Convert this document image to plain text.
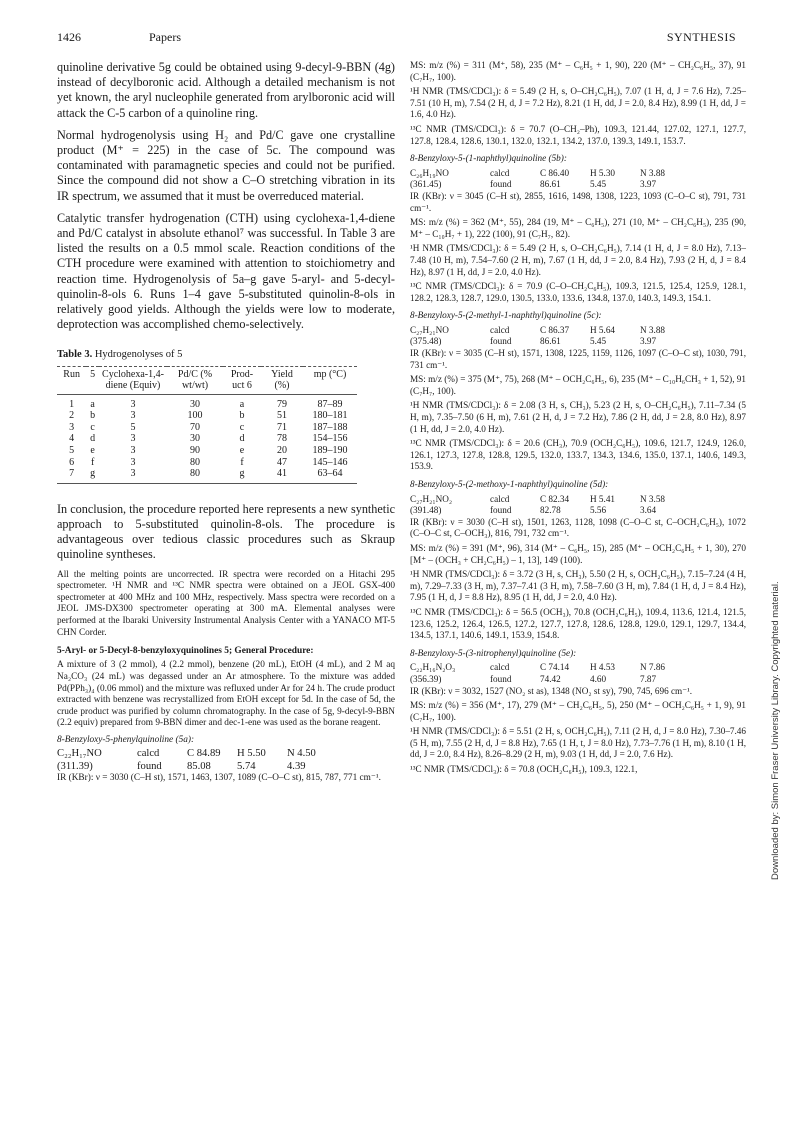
1426	Papers	SYNTHESIS

quinoline derivative 5g could be obtained using 9-decyl-9-BBN (4g) instead of decylboronic acid. Although a detailed mechanism is not yet known, the aryl nucleophile generated from arylboronic acid will attack the C-5 carbon of a quinoline ring.

Normal hydrogenolysis using H₂ and Pd/C gave one crystalline product (M⁺ = 225) in the case of 5c. The compound was contaminated with paramagnetic species and could not be purified. Since the compound did not show a C–O stretching vibration in its IR spectrum, we assumed that it must be overreduced material.

Catalytic transfer hydrogenation (CTH) using cyclohexa-1,4-diene and Pd/C catalyst in absolute ethanol⁷ was successful. In Table 3 are listed the results on a 0.5 mmol scale. Reaction conditions of the CTH procedure were examined with attention to stoichiometry and reaction time. Hydrogenolysis of 5a–g gave 5-aryl- and 5-decyl-quinolin-8-ols 6. Runs 1–4 gave 5-substituted quinolin-8-ols in relatively good yields. Although the yields were low to moderate, deprotection was accomplished chemo-selectively.

Table 3. Hydrogenolyses of 5
Run	5	Cyclohexa-1,4-diene (Equiv)	Pd/C (% wt/wt)	Prod-uct 6	Yield (%)	mp (°C)
1	a	3	30	a	79	87–89
2	b	3	100	b	51	180–181
3	c	5	70	c	71	187–188
4	d	3	30	d	78	154–156
5	e	3	90	e	20	189–190
6	f	3	80	f	47	145–146
7	g	3	80	g	41	63–64

In conclusion, the procedure reported here represents a new synthetic approach to 5-substituted quinolin-8-ols. The procedure is advantageous over tedious classic procedures such as Skraup quinoline syntheses.

All the melting points are uncorrected. IR spectra were recorded on a Hitachi 295 spectrometer. ¹H NMR and ¹³C NMR spectra were obtained on a JEOL GSX-400 spectrometer at 400 MHz and 100 MHz, respectively. Mass spectra were recorded on a JEOL JMS-DX300 spectrometer operating at 300 mA. Elemental analyses were performed at the Ibaraki University Instrumental Analysis Center with a YANACO MT-5 CHN Corder.

5-Aryl- or 5-Decyl-8-benzyloxyquinolines 5; General Procedure:

A mixture of 3 (2 mmol), 4 (2.2 mmol), benzene (20 mL), EtOH (4 mL), and 2 M aq Na₂CO₃ (24 mL) was degassed under an Ar atmosphere. To the mixture was added Pd(PPh₃)₄ (0.06 mmol) and the mixture was refluxed under Ar for 24 h. The crude product extracted with benzene was recrystallized from EtOH except for 5d. In the case of 5d, the crude product was purified by column chromatography. In the case of 5g, 9-decyl-9-BBN (2.2 equiv) prepared from 9-BBN dimer and dec-1-ene was used as the borane reagent.

8-Benzyloxy-5-phenylquinoline (5a):

C₂₂H₁₇NO	calcd	C 84.89	H 5.50	N 4.50
(311.39)	found	85.08	5.74	4.39

IR (KBr): ν = 3030 (C–H st), 1571, 1463, 1307, 1089 (C–O–C st), 815, 787, 771 cm⁻¹.

MS: m/z (%) = 311 (M⁺, 58), 235 (M⁺ – C₆H₅ + 1, 90), 220 (M⁺ – CH₂C₆H₅, 37), 91 (C₇H₇, 100).

¹H NMR (TMS/CDCl₃): δ = 5.49 (2 H, s, O–CH₂C₆H₅), 7.07 (1 H, d, J = 7.6 Hz), 7.25–7.51 (10 H, m), 7.54 (2 H, d, J = 7.2 Hz), 8.21 (1 H, dd, J = 2.0, 8.4 Hz), 8.99 (1 H, dd, J = 1.6, 4.0 Hz).

¹³C NMR (TMS/CDCl₃): δ = 70.7 (O–CH₂–Ph), 109.3, 121.44, 127.02, 127.1, 127.7, 127.8, 128.4, 128.6, 130.1, 132.0, 132.1, 134.2, 137.0, 139.3, 149.1, 153.7.

8-Benzyloxy-5-(1-naphthyl)quinoline (5b):

C₂₆H₁₉NO	calcd	C 86.40	H 5.30	N 3.88
(361.45)	found	86.61	5.45	3.97

IR (KBr): ν = 3045 (C–H st), 2855, 1616, 1498, 1308, 1223, 1093 (C–O–C st), 791, 731 cm⁻¹.

MS: m/z (%) = 362 (M⁺, 55), 284 (19, M⁺ – C₆H₅), 271 (10, M⁺ – CH₂C₆H₅), 235 (90, M⁺ – C₁₀H₇ + 1), 222 (100), 91 (C₇H₇, 82).

¹H NMR (TMS/CDCl₃): δ = 5.49 (2 H, s, O–CH₂C₆H₅), 7.14 (1 H, d, J = 8.0 Hz), 7.13–7.48 (10 H, m), 7.54–7.60 (2 H, m), 7.67 (1 H, dd, J = 2.0, 8.4 Hz), 7.93 (2 H, d, J = 8.4 Hz), 8.97 (1 H, dd, J = 2.0, 4.0 Hz).

¹³C NMR (TMS/CDCl₃): δ = 70.9 (C–O–CH₂C₆H₅), 109.3, 121.5, 125.4, 125.9, 128.1, 128.2, 128.3, 128.7, 129.0, 130.5, 133.0, 133.6, 134.8, 137.0, 140.3, 149.3, 154.1.

8-Benzyloxy-5-(2-methyl-1-naphthyl)quinoline (5c):

C₂₇H₂₁NO	calcd	C 86.37	H 5.64	N 3.88
(375.48)	found	86.61	5.45	3.97

IR (KBr): ν = 3035 (C–H st), 1571, 1308, 1225, 1159, 1126, 1097 (C–O–C st), 1030, 791, 731 cm⁻¹.

MS: m/z (%) = 375 (M⁺, 75), 268 (M⁺ – OCH₂C₆H₅, 6), 235 (M⁺ – C₁₀H₆CH₃ + 1, 52), 91 (C₇H₇, 100).

¹H NMR (TMS/CDCl₃): δ = 2.08 (3 H, s, CH₃), 5.23 (2 H, s, O–CH₂C₆H₅), 7.11–7.34 (5 H, m), 7.35–7.50 (6 H, m), 7.61 (2 H, d, J = 7.2 Hz), 7.86 (2 H, dd, J = 2.8, 8.0 Hz), 8.97 (1 H, dd, J = 2.0, 4.0 Hz).

¹³C NMR (TMS/CDCl₃): δ = 20.6 (CH₃), 70.9 (OCH₂C₆H₅), 109.6, 121.7, 124.9, 126.0, 126.1, 127.3, 127.8, 128.8, 129.5, 132.0, 133.7, 134.3, 134.6, 135.0, 137.1, 140.6, 149.3, 153.9.

8-Benzyloxy-5-(2-methoxy-1-naphthyl)quinoline (5d):

C₂₇H₂₁NO₂	calcd	C 82.34	H 5.41	N 3.58
(391.48)	found	82.78	5.56	3.64

IR (KBr): ν = 3030 (C–H st), 1501, 1263, 1128, 1098 (C–O–C st, C–OCH₂C₆H₅), 1072 (C–O–C st, C–OCH₃), 816, 791, 732 cm⁻¹.

MS: m/z (%) = 391 (M⁺, 96), 314 (M⁺ – C₆H₅, 15), 285 (M⁺ – OCH₂C₆H₅ + 1, 30), 270 [M⁺ – (OCH₃ + CH₂C₆H₅) – 1, 13], 149 (100).

¹H NMR (TMS/CDCl₃): δ = 3.72 (3 H, s, CH₃), 5.50 (2 H, s, OCH₂C₆H₅), 7.15–7.24 (4 H, m), 7.29–7.33 (3 H, m), 7.37–7.41 (3 H, m), 7.58–7.60 (3 H, m), 7.84 (1 H, d, J = 8.4 Hz), 7.95 (1 H, d, J = 8.8 Hz), 8.95 (1 H, dd, J = 2.0, 4.0 Hz).

¹³C NMR (TMS/CDCl₃): δ = 56.5 (OCH₃), 70.8 (OCH₂C₆H₅), 109.4, 113.6, 121.4, 121.5, 123.6, 125.2, 126.4, 126.5, 127.2, 127.7, 127.8, 128.6, 128.8, 129.0, 129.1, 129.7, 134.4, 134.5, 137.1, 140.6, 149.1, 153.9, 154.8.

8-Benzyloxy-5-(3-nitrophenyl)quinoline (5e):

C₂₂H₁₆N₂O₃	calcd	C 74.14	H 4.53	N 7.86
(356.39)	found	74.42	4.60	7.87

IR (KBr): ν = 3032, 1527 (NO₂ st as), 1348 (NO₂ st sy), 790, 745, 696 cm⁻¹.

MS: m/z (%) = 356 (M⁺, 17), 279 (M⁺ – CH₂C₆H₅, 5), 250 (M⁺ – OCH₂C₆H₅ + 1, 9), 91 (C₇H₇, 100).

¹H NMR (TMS/CDCl₃): δ = 5.51 (2 H, s, OCH₂C₆H₅), 7.11 (2 H, d, J = 8.0 Hz), 7.30–7.46 (5 H, m), 7.55 (2 H, d, J = 8.8 Hz), 7.65 (1 H, t, J = 8.0 Hz), 7.73–7.76 (1 H, m), 8.10 (1 H, dd, J = 2.0, 8.4 Hz), 8.26–8.29 (2 H, m), 9.03 (1 H, dd, J = 2.0, 7.6 Hz).

¹³C NMR (TMS/CDCl₃): δ = 70.8 (OCH₂C₆H₅), 109.3, 122.1,	Downloaded by: Simon Fraser University Library. Copyrighted material.
